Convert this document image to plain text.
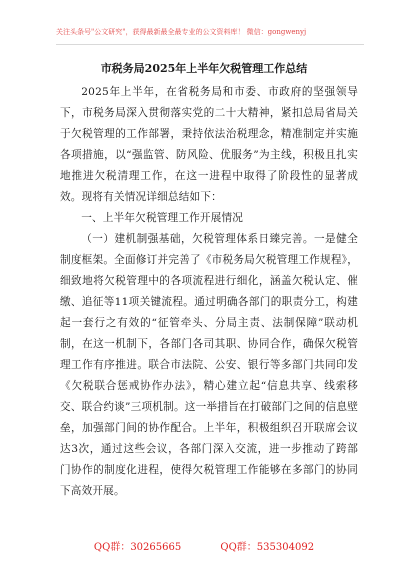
关注头条号"公文研究"，获得最新最全最专业的公文资料库！ 微信：gongwenyj
市税务局2025年上半年欠税管理工作总结

2025年上半年，在省税务局和市委、市政府的坚强领导下，市税务局深入贯彻落实党的二十大精神，紧扣总局省局关于欠税管理的工作部署，秉持依法治税理念，精准制定并实施各项措施，以“强监管、防风险、优服务”为主线，积极且扎实地推进欠税清理工作，在这一进程中取得了阶段性的显著成效。现将有关情况详细总结如下：

一、上半年欠税管理工作开展情况

（一）建机制强基础，欠税管理体系日臻完善。一是健全制度框架。全面修订并完善了《市税务局欠税管理工作规程》，细致地将欠税管理中的各项流程进行细化，涵盖欠税认定、催缴、追征等11项关键流程。通过明确各部门的职责分工，构建起一套行之有效的“征管牵头、分局主责、法制保障”联动机制，在这一机制下，各部门各司其职、协同合作，确保欠税管理工作有序推进。联合市法院、公安、银行等多部门共同印发《欠税联合惩戒协作办法》，精心建立起“信息共享、线索移交、联合约谈”三项机制。这一举措旨在打破部门之间的信息壁垒，加强部门间的协作配合。上半年，积极组织召开联席会议达3次，通过这些会议，各部门深入交流，进一步推动了跨部门协作的制度化进程，使得欠税管理工作能够在多部门的协同下高效开展。

QQ群：30265665	QQ群：535304092
